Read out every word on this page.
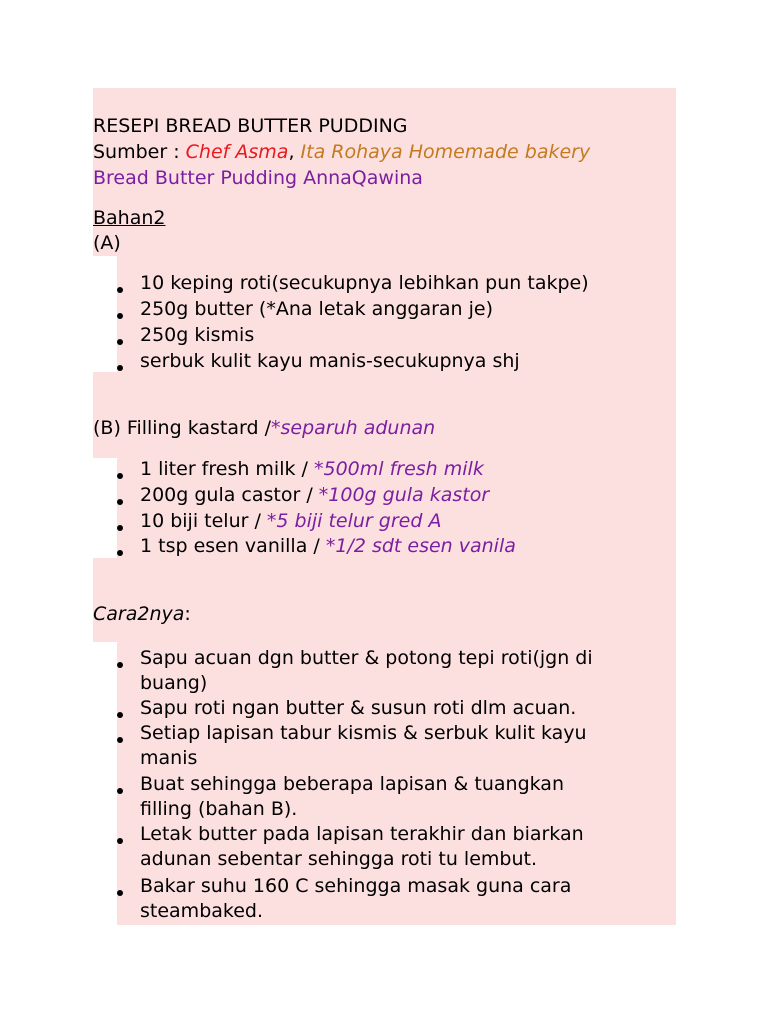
RESEPI BREAD BUTTER PUDDING
Sumber : Chef Asma, Ita Rohaya Homemade bakery
Bread Butter Pudding AnnaQawina
Bahan2
(A)
10 keping roti(secukupnya lebihkan pun takpe)
250g butter (*Ana letak anggaran je)
250g kismis
serbuk kulit kayu manis-secukupnya shj
(B) Filling kastard /*separuh adunan
1 liter fresh milk / *500ml fresh milk
200g gula castor / *100g gula kastor
10 biji telur / *5 biji telur gred A
1 tsp esen vanilla / *1/2 sdt esen vanila
Cara2nya:
Sapu acuan dgn butter & potong tepi roti(jgn di
buang)
Sapu roti ngan butter & susun roti dlm acuan.
Setiap lapisan tabur kismis & serbuk kulit kayu
manis
Buat sehingga beberapa lapisan & tuangkan
filling (bahan B).
Letak butter pada lapisan terakhir dan biarkan
adunan sebentar sehingga roti tu lembut.
Bakar suhu 160 C sehingga masak guna cara
steambaked.
